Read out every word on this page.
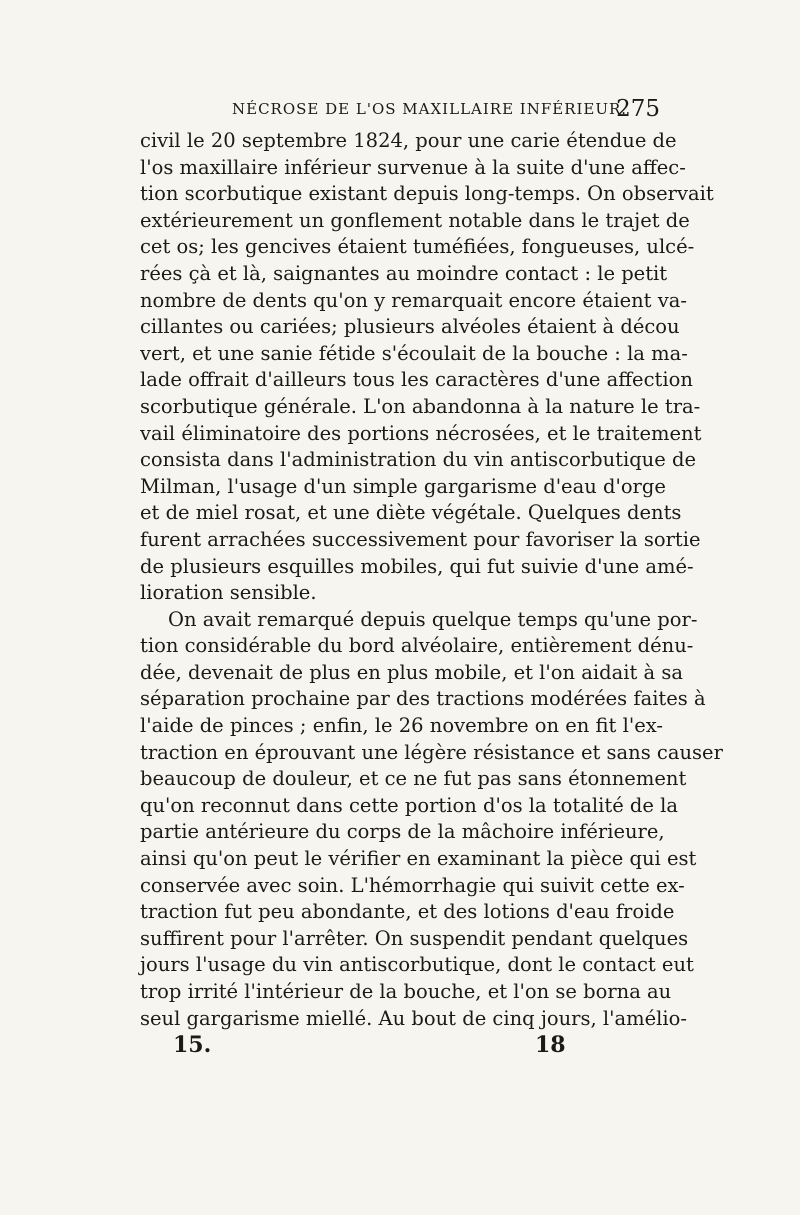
NÉCROSE DE L'OS MAXILLAIRE INFÉRIEUR.
275
civil le 20 septembre 1824, pour une carie étendue de
l'os maxillaire inférieur survenue à la suite d'une affec-
tion scorbutique existant depuis long-temps. On observait
extérieurement un gonflement notable dans le trajet de
cet os; les gencives étaient tuméfiées, fongueuses, ulcé-
rées çà et là, saignantes au moindre contact : le petit
nombre de dents qu'on y remarquait encore étaient va-
cillantes ou cariées; plusieurs alvéoles étaient à décou
vert, et une sanie fétide s'écoulait de la bouche : la ma-
lade offrait d'ailleurs tous les caractères d'une affection
scorbutique générale. L'on abandonna à la nature le tra-
vail éliminatoire des portions nécrosées, et le traitement
consista dans l'administration du vin antiscorbutique de
Milman, l'usage d'un simple gargarisme d'eau d'orge
et de miel rosat, et une diète végétale. Quelques dents
furent arrachées successivement pour favoriser la sortie
de plusieurs esquilles mobiles, qui fut suivie d'une amé-
lioration sensible.
On avait remarqué depuis quelque temps qu'une por-
tion considérable du bord alvéolaire, entièrement dénu-
dée, devenait de plus en plus mobile, et l'on aidait à sa
séparation prochaine par des tractions modérées faites à
l'aide de pinces ; enfin, le 26 novembre on en fit l'ex-
traction en éprouvant une légère résistance et sans causer
beaucoup de douleur, et ce ne fut pas sans étonnement
qu'on reconnut dans cette portion d'os la totalité de la
partie antérieure du corps de la mâchoire inférieure,
ainsi qu'on peut le vérifier en examinant la pièce qui est
conservée avec soin. L'hémorrhagie qui suivit cette ex-
traction fut peu abondante, et des lotions d'eau froide
suffirent pour l'arrêter. On suspendit pendant quelques
jours l'usage du vin antiscorbutique, dont le contact eut
trop irrité l'intérieur de la bouche, et l'on se borna au
seul gargarisme miellé. Au bout de cinq jours, l'amélio-
15.	18
